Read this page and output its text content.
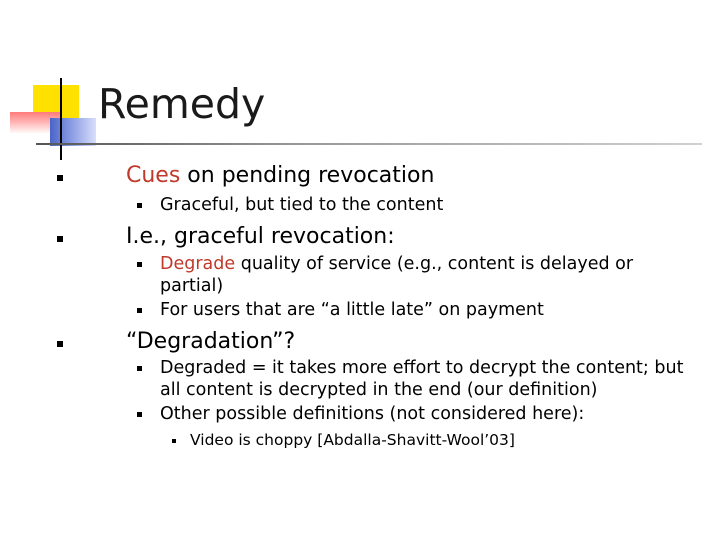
Remedy

Cues on pending revocation

Graceful, but tied to the content

I.e., graceful revocation:

Degrade quality of service (e.g., content is delayed or

partial)

For users that are “a little late” on payment

“Degradation”?

Degraded = it takes more effort to decrypt the content; but

all content is decrypted in the end (our definition)

Other possible definitions (not considered here):

Video is choppy [Abdalla-Shavitt-Wool’03]
